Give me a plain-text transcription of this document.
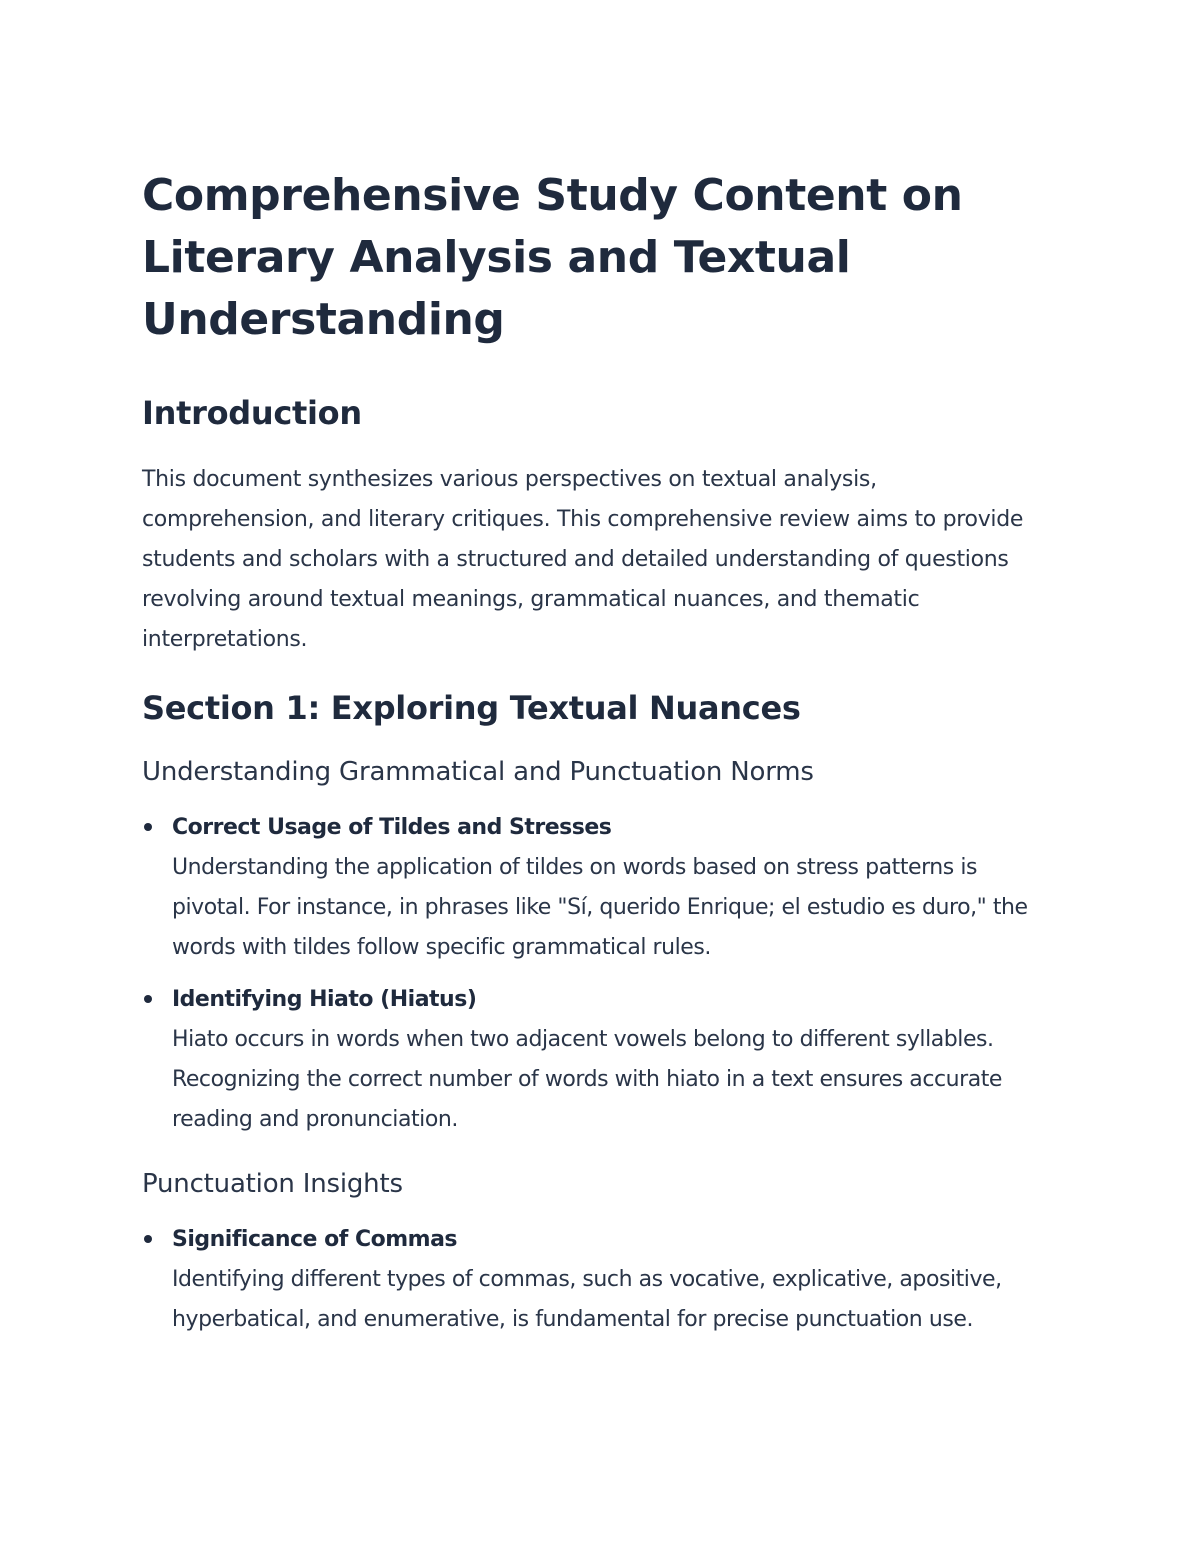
Comprehensive Study Content on Literary Analysis and Textual Understanding
Introduction

This document synthesizes various perspectives on textual analysis, comprehension, and literary critiques. This comprehensive review aims to provide students and scholars with a structured and detailed understanding of questions revolving around textual meanings, grammatical nuances, and thematic interpretations.

Section 1: Exploring Textual Nuances
Understanding Grammatical and Punctuation Norms
Correct Usage of Tildes and Stresses
Understanding the application of tildes on words based on stress patterns is pivotal. For instance, in phrases like "Sí, querido Enrique; el estudio es duro," the words with tildes follow specific grammatical rules.
Identifying Hiato (Hiatus)
Hiato occurs in words when two adjacent vowels belong to different syllables. Recognizing the correct number of words with hiato in a text ensures accurate reading and pronunciation.
Punctuation Insights
Significance of Commas
Identifying different types of commas, such as vocative, explicative, apositive, hyperbatical, and enumerative, is fundamental for precise punctuation use.
